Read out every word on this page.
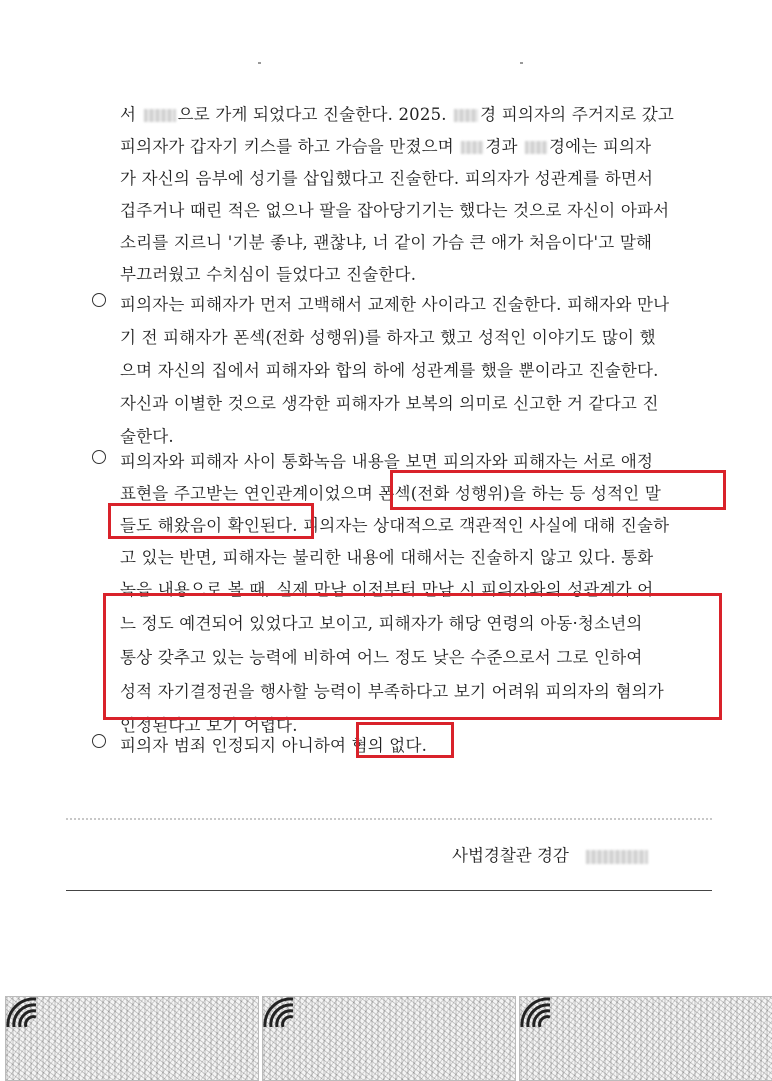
서 으로 가게 되었다고 진술한다. 2025. 경 피의자의 주거지로 갔고
피의자가 갑자기 키스를 하고 가슴을 만졌으며 경과 경에는 피의자
가 자신의 음부에 성기를 삽입했다고 진술한다. 피의자가 성관계를 하면서
겁주거나 때린 적은 없으나 팔을 잡아당기기는 했다는 것으로 자신이 아파서
소리를 지르니 '기분 좋냐, 괜찮냐, 너 같이 가슴 큰 애가 처음이다'고 말해
부끄러웠고 수치심이 들었다고 진술한다.
피의자는 피해자가 먼저 고백해서 교제한 사이라고 진술한다. 피해자와 만나
기 전 피해자가 폰섹(전화 성행위)를 하자고 했고 성적인 이야기도 많이 했
으며 자신의 집에서 피해자와 합의 하에 성관계를 했을 뿐이라고 진술한다.
자신과 이별한 것으로 생각한 피해자가 보복의 의미로 신고한 거 같다고 진
술한다.
피의자와 피해자 사이 통화녹음 내용을 보면 피의자와 피해자는 서로 애정
표현을 주고받는 연인관계이었으며 폰섹(전화 성행위)을 하는 등 성적인 말
들도 해왔음이 확인된다. 피의자는 상대적으로 객관적인 사실에 대해 진술하
고 있는 반면, 피해자는 불리한 내용에 대해서는 진술하지 않고 있다. 통화
녹음 내용으로 볼 때, 실제 만남 이전부터 만남 시 피의자와의 성관계가 어
느 정도 예견되어 있었다고 보이고, 피해자가 해당 연령의 아동·청소년의
통상 갖추고 있는 능력에 비하여 어느 정도 낮은 수준으로서 그로 인하여
성적 자기결정권을 행사할 능력이 부족하다고 보기 어려워 피의자의 혐의가
인정된다고 보기 어렵다.
피의자 범죄 인정되지 아니하여 혐의 없다.
사법경찰관 경감
